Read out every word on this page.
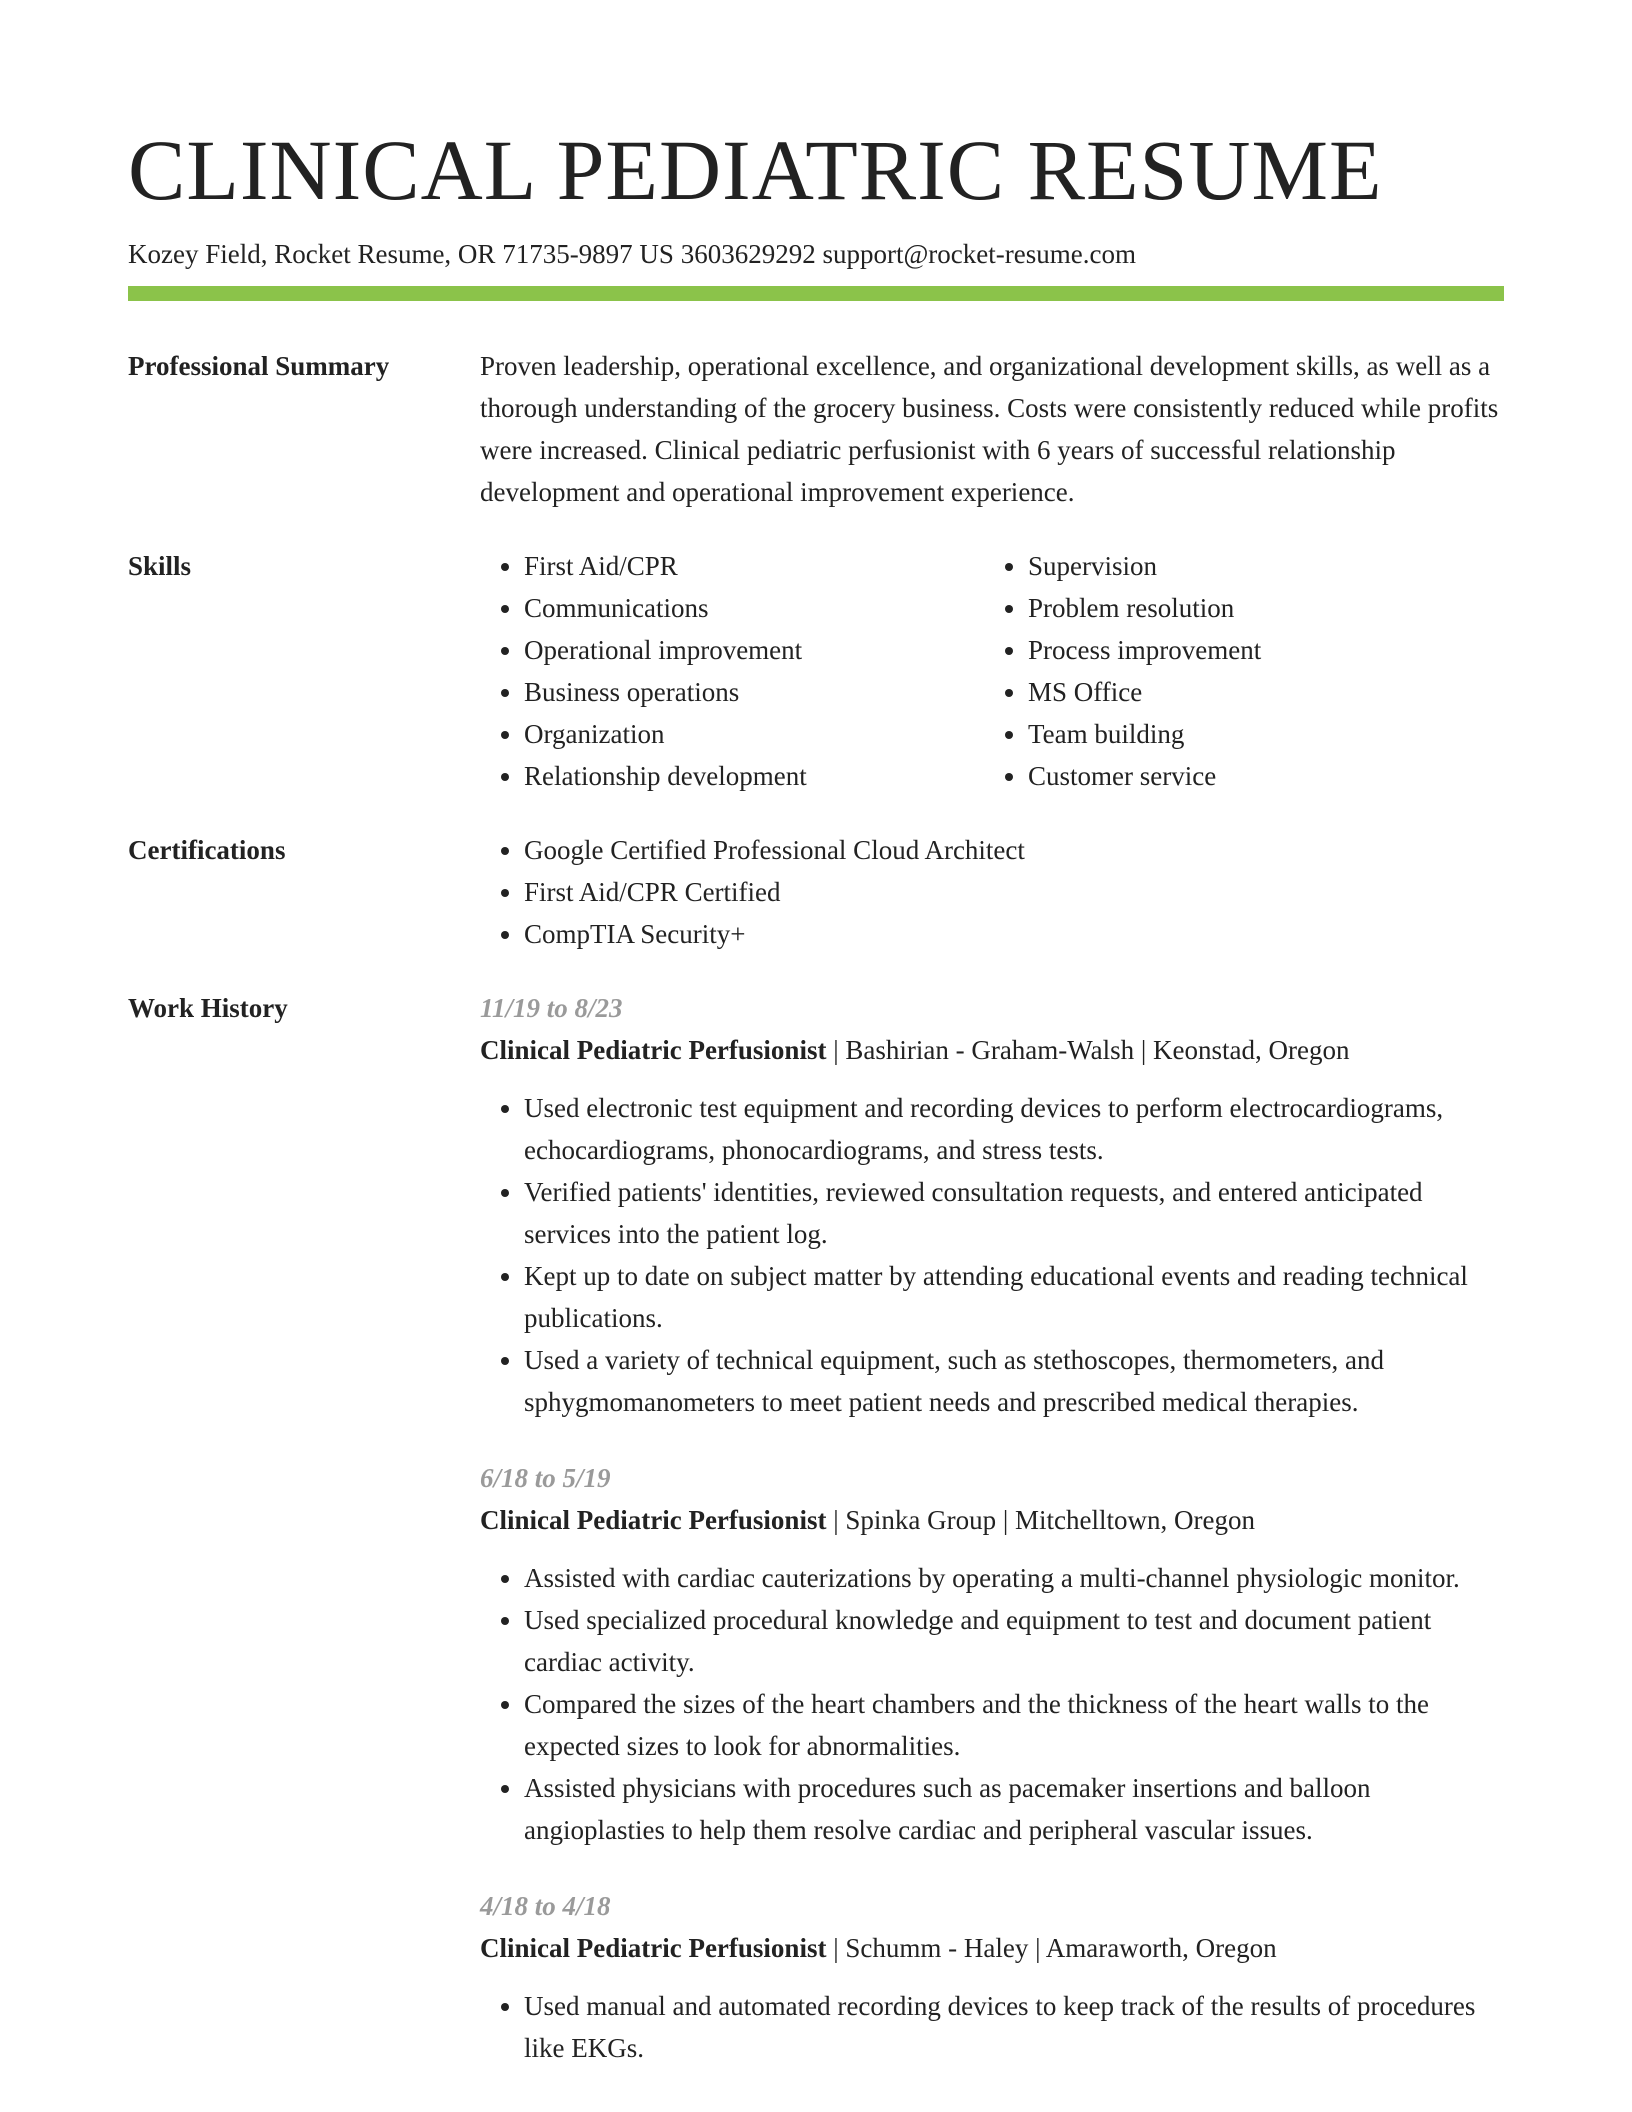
CLINICAL PEDIATRIC RESUME
Kozey Field, Rocket Resume, OR 71735-9897 US 3603629292 support@rocket-resume.com
Professional Summary	Proven leadership, operational excellence, and organizational development skills, as well as a thorough understanding of the grocery business. Costs were consistently reduced while profits were increased. Clinical pediatric perfusionist with 6 years of successful relationship development and operational improvement experience.

Skills	• First Aid/CPR
• Communications
• Operational improvement
• Business operations
• Organization
• Relationship development
• Supervision
• Problem resolution
• Process improvement
• MS Office
• Team building
• Customer service
Certifications	• Google Certified Professional Cloud Architect
• First Aid/CPR Certified
• CompTIA Security+
Work History	11/19 to 8/23
Clinical Pediatric Perfusionist | Bashirian - Graham-Walsh | Keonstad, Oregon
• Used electronic test equipment and recording devices to perform electrocardiograms, echocardiograms, phonocardiograms, and stress tests.
• Verified patients' identities, reviewed consultation requests, and entered anticipated services into the patient log.
• Kept up to date on subject matter by attending educational events and reading technical publications.
• Used a variety of technical equipment, such as stethoscopes, thermometers, and sphygmomanometers to meet patient needs and prescribed medical therapies.
6/18 to 5/19
Clinical Pediatric Perfusionist | Spinka Group | Mitchelltown, Oregon
• Assisted with cardiac cauterizations by operating a multi-channel physiologic monitor.
• Used specialized procedural knowledge and equipment to test and document patient cardiac activity.
• Compared the sizes of the heart chambers and the thickness of the heart walls to the expected sizes to look for abnormalities.
• Assisted physicians with procedures such as pacemaker insertions and balloon angioplasties to help them resolve cardiac and peripheral vascular issues.
4/18 to 4/18
Clinical Pediatric Perfusionist | Schumm - Haley | Amaraworth, Oregon
• Used manual and automated recording devices to keep track of the results of procedures like EKGs.
